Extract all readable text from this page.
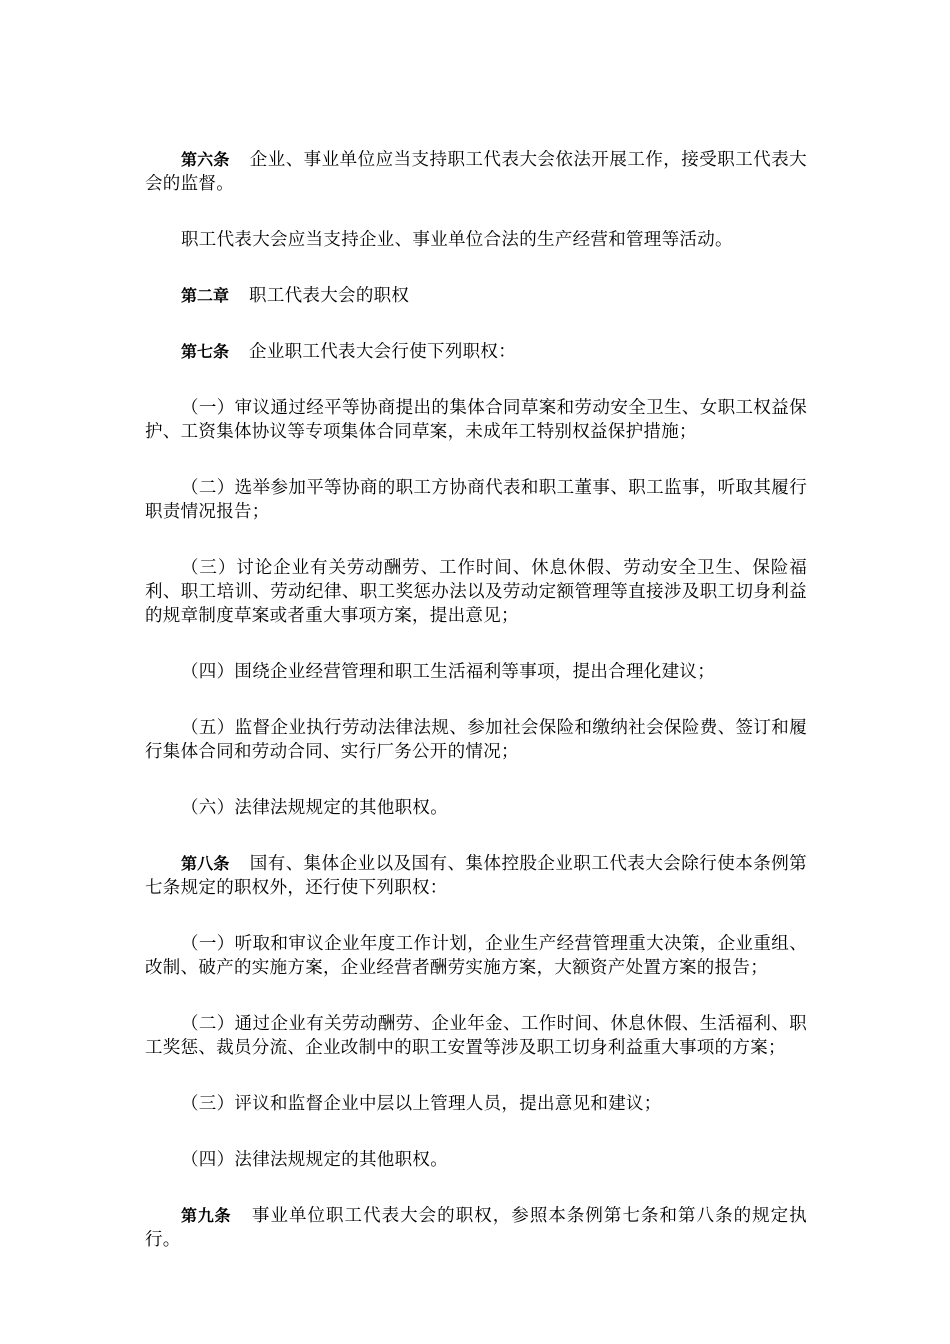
第六条 企业、事业单位应当支持职工代表大会依法开展工作，接受职工代表大会的监督。

职工代表大会应当支持企业、事业单位合法的生产经营和管理等活动。

第二章 职工代表大会的职权

第七条 企业职工代表大会行使下列职权：

（一）审议通过经平等协商提出的集体合同草案和劳动安全卫生、女职工权益保护、工资集体协议等专项集体合同草案，未成年工特别权益保护措施；

（二）选举参加平等协商的职工方协商代表和职工董事、职工监事，听取其履行职责情况报告；

（三）讨论企业有关劳动酬劳、工作时间、休息休假、劳动安全卫生、保险福利、职工培训、劳动纪律、职工奖惩办法以及劳动定额管理等直接涉及职工切身利益的规章制度草案或者重大事项方案，提出意见；

（四）围绕企业经营管理和职工生活福利等事项，提出合理化建议；

（五）监督企业执行劳动法律法规、参加社会保险和缴纳社会保险费、签订和履行集体合同和劳动合同、实行厂务公开的情况；

（六）法律法规规定的其他职权。

第八条 国有、集体企业以及国有、集体控股企业职工代表大会除行使本条例第七条规定的职权外，还行使下列职权：

（一）听取和审议企业年度工作计划，企业生产经营管理重大决策，企业重组、改制、破产的实施方案，企业经营者酬劳实施方案，大额资产处置方案的报告；

（二）通过企业有关劳动酬劳、企业年金、工作时间、休息休假、生活福利、职工奖惩、裁员分流、企业改制中的职工安置等涉及职工切身利益重大事项的方案；

（三）评议和监督企业中层以上管理人员，提出意见和建议；

（四）法律法规规定的其他职权。

第九条 事业单位职工代表大会的职权，参照本条例第七条和第八条的规定执行。
